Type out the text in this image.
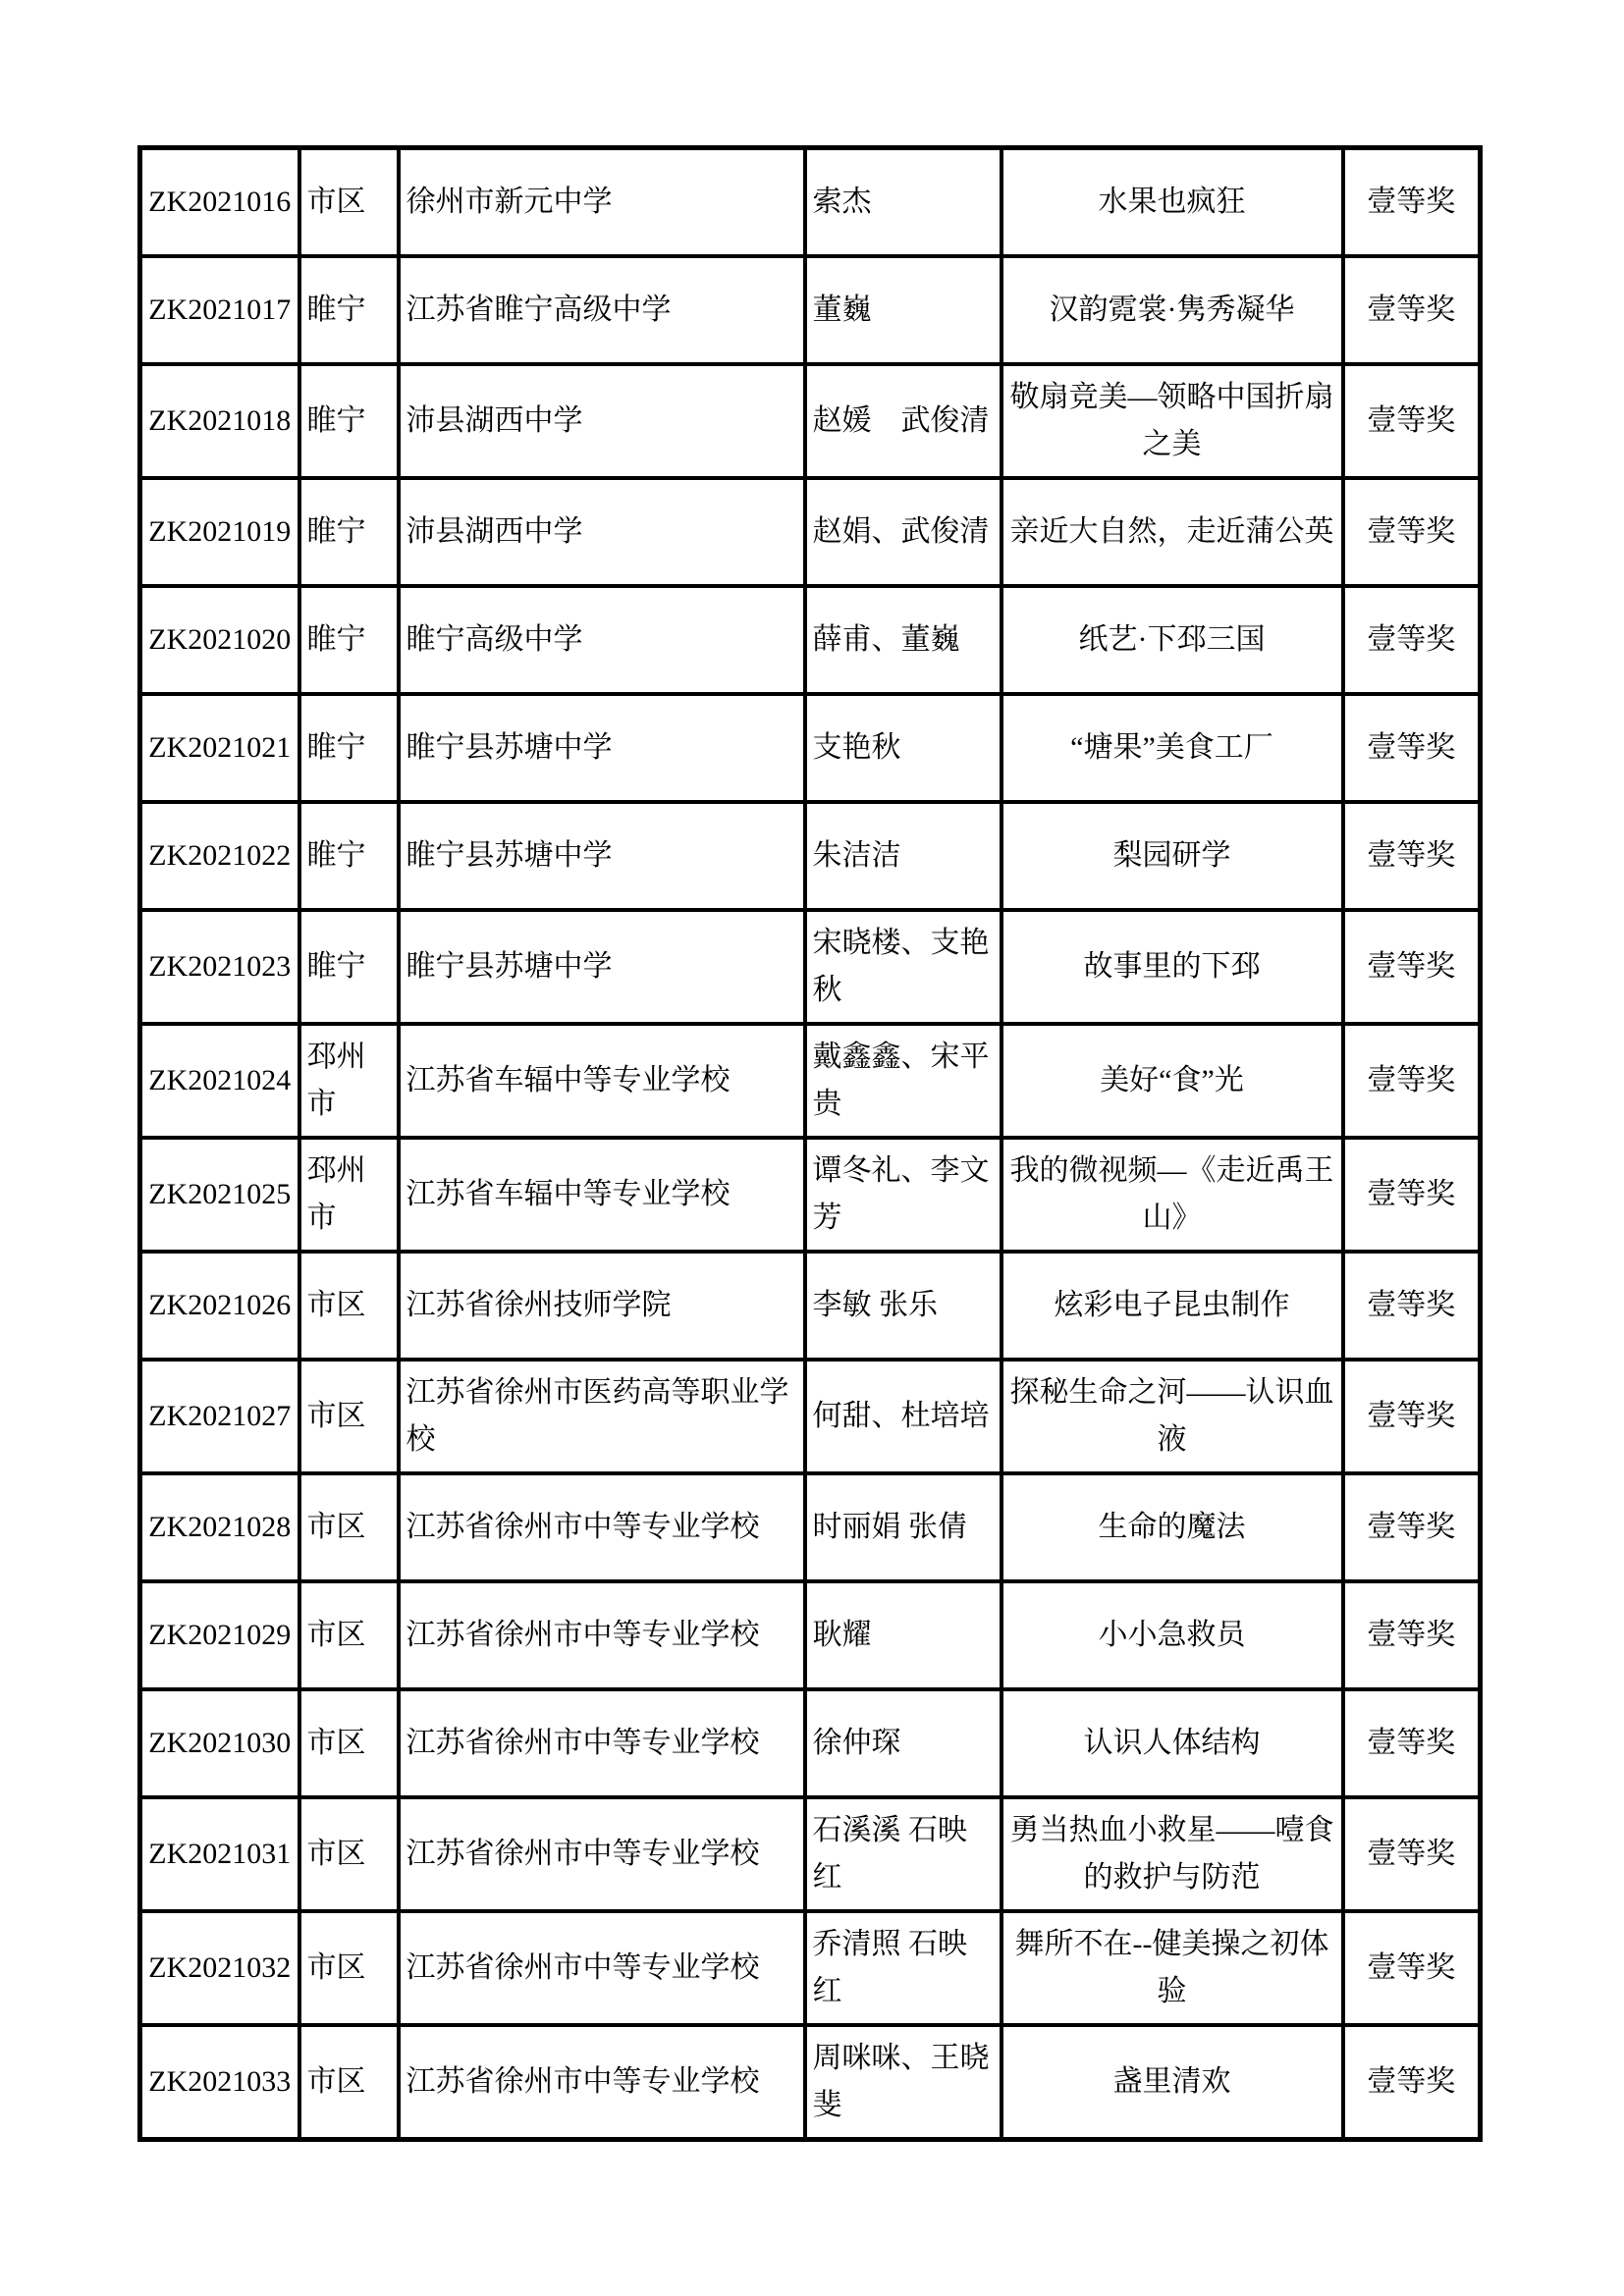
ZK2021016	市区	徐州市新元中学	索杰	水果也疯狂	壹等奖
ZK2021017	睢宁	江苏省睢宁高级中学	董巍	汉韵霓裳·隽秀凝华	壹等奖
ZK2021018	睢宁	沛县湖西中学	赵媛　武俊清	敬扇竞美—领略中国折扇之美	壹等奖
ZK2021019	睢宁	沛县湖西中学	赵娟、武俊清	亲近大自然，走近蒲公英	壹等奖
ZK2021020	睢宁	睢宁高级中学	薛甫、董巍	纸艺·下邳三国	壹等奖
ZK2021021	睢宁	睢宁县苏塘中学	支艳秋	“塘果”美食工厂	壹等奖
ZK2021022	睢宁	睢宁县苏塘中学	朱洁洁	梨园研学	壹等奖
ZK2021023	睢宁	睢宁县苏塘中学	宋晓楼、支艳秋	故事里的下邳	壹等奖
ZK2021024	邳州市	江苏省车辐中等专业学校	戴鑫鑫、宋平贵	美好“食”光	壹等奖
ZK2021025	邳州市	江苏省车辐中等专业学校	谭冬礼、李文芳	我的微视频—《走近禹王山》	壹等奖
ZK2021026	市区	江苏省徐州技师学院	李敏 张乐	炫彩电子昆虫制作	壹等奖
ZK2021027	市区	江苏省徐州市医药高等职业学校	何甜、杜培培	探秘生命之河——认识血液	壹等奖
ZK2021028	市区	江苏省徐州市中等专业学校	时丽娟 张倩	生命的魔法	壹等奖
ZK2021029	市区	江苏省徐州市中等专业学校	耿耀	小小急救员	壹等奖
ZK2021030	市区	江苏省徐州市中等专业学校	徐仲琛	认识人体结构	壹等奖
ZK2021031	市区	江苏省徐州市中等专业学校	石溪溪 石映红	勇当热血小救星——噎食的救护与防范	壹等奖
ZK2021032	市区	江苏省徐州市中等专业学校	乔清照 石映红	舞所不在--健美操之初体验	壹等奖
ZK2021033	市区	江苏省徐州市中等专业学校	周咪咪、王晓斐	盏里清欢	壹等奖
